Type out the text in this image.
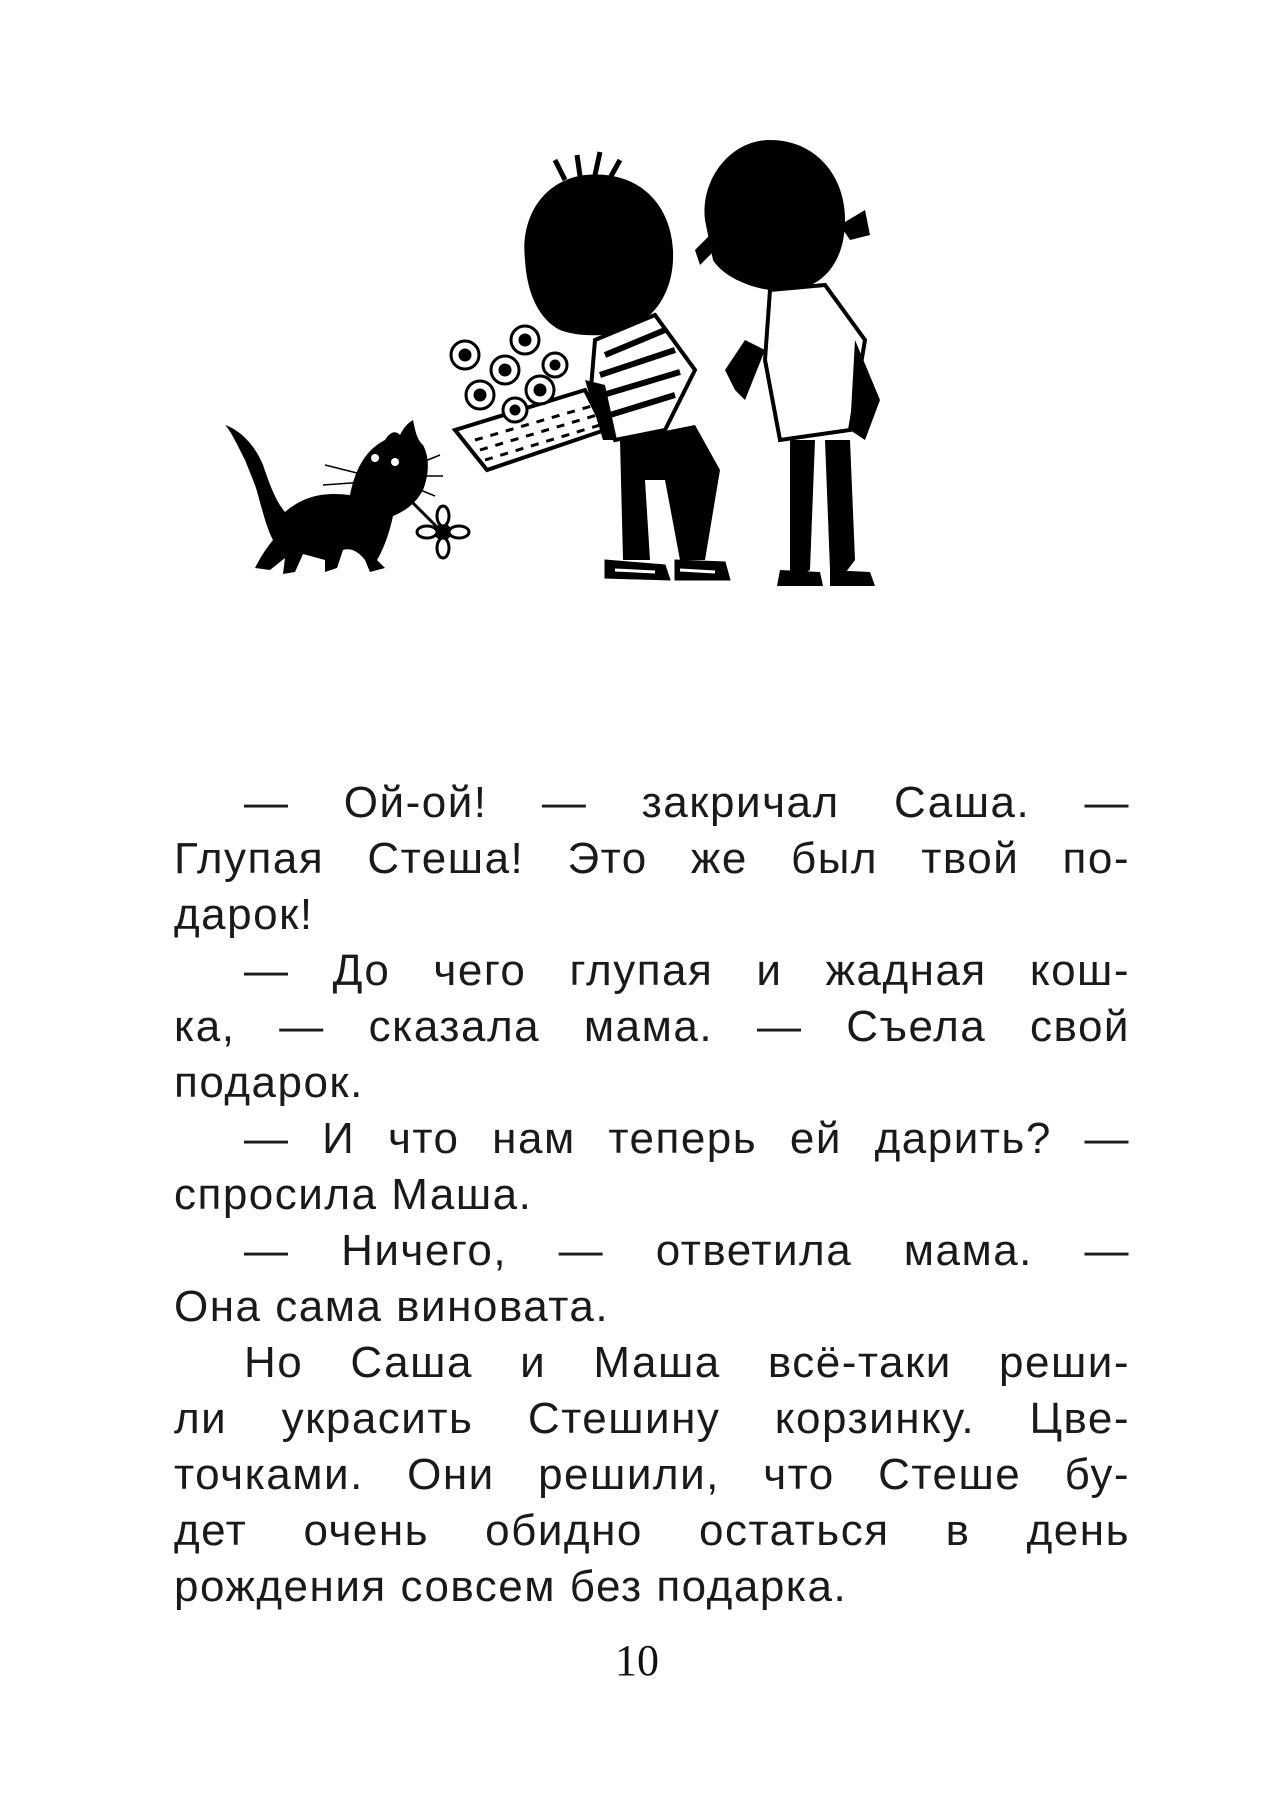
— Ой-ой! — закричал Саша. —
Глупая Стеша! Это же был твой по-
дарок!
— До чего глупая и жадная кош-
ка, — сказала мама. — Съела свой
подарок.
— И что нам теперь ей дарить? —
спросила Маша.
— Ничего, — ответила мама. —
Она сама виновата.
Но Саша и Маша всё-таки реши-
ли украсить Стешину корзинку. Цве-
точками. Они решили, что Стеше бу-
дет очень обидно остаться в день
рождения совсем без подарка.
10
